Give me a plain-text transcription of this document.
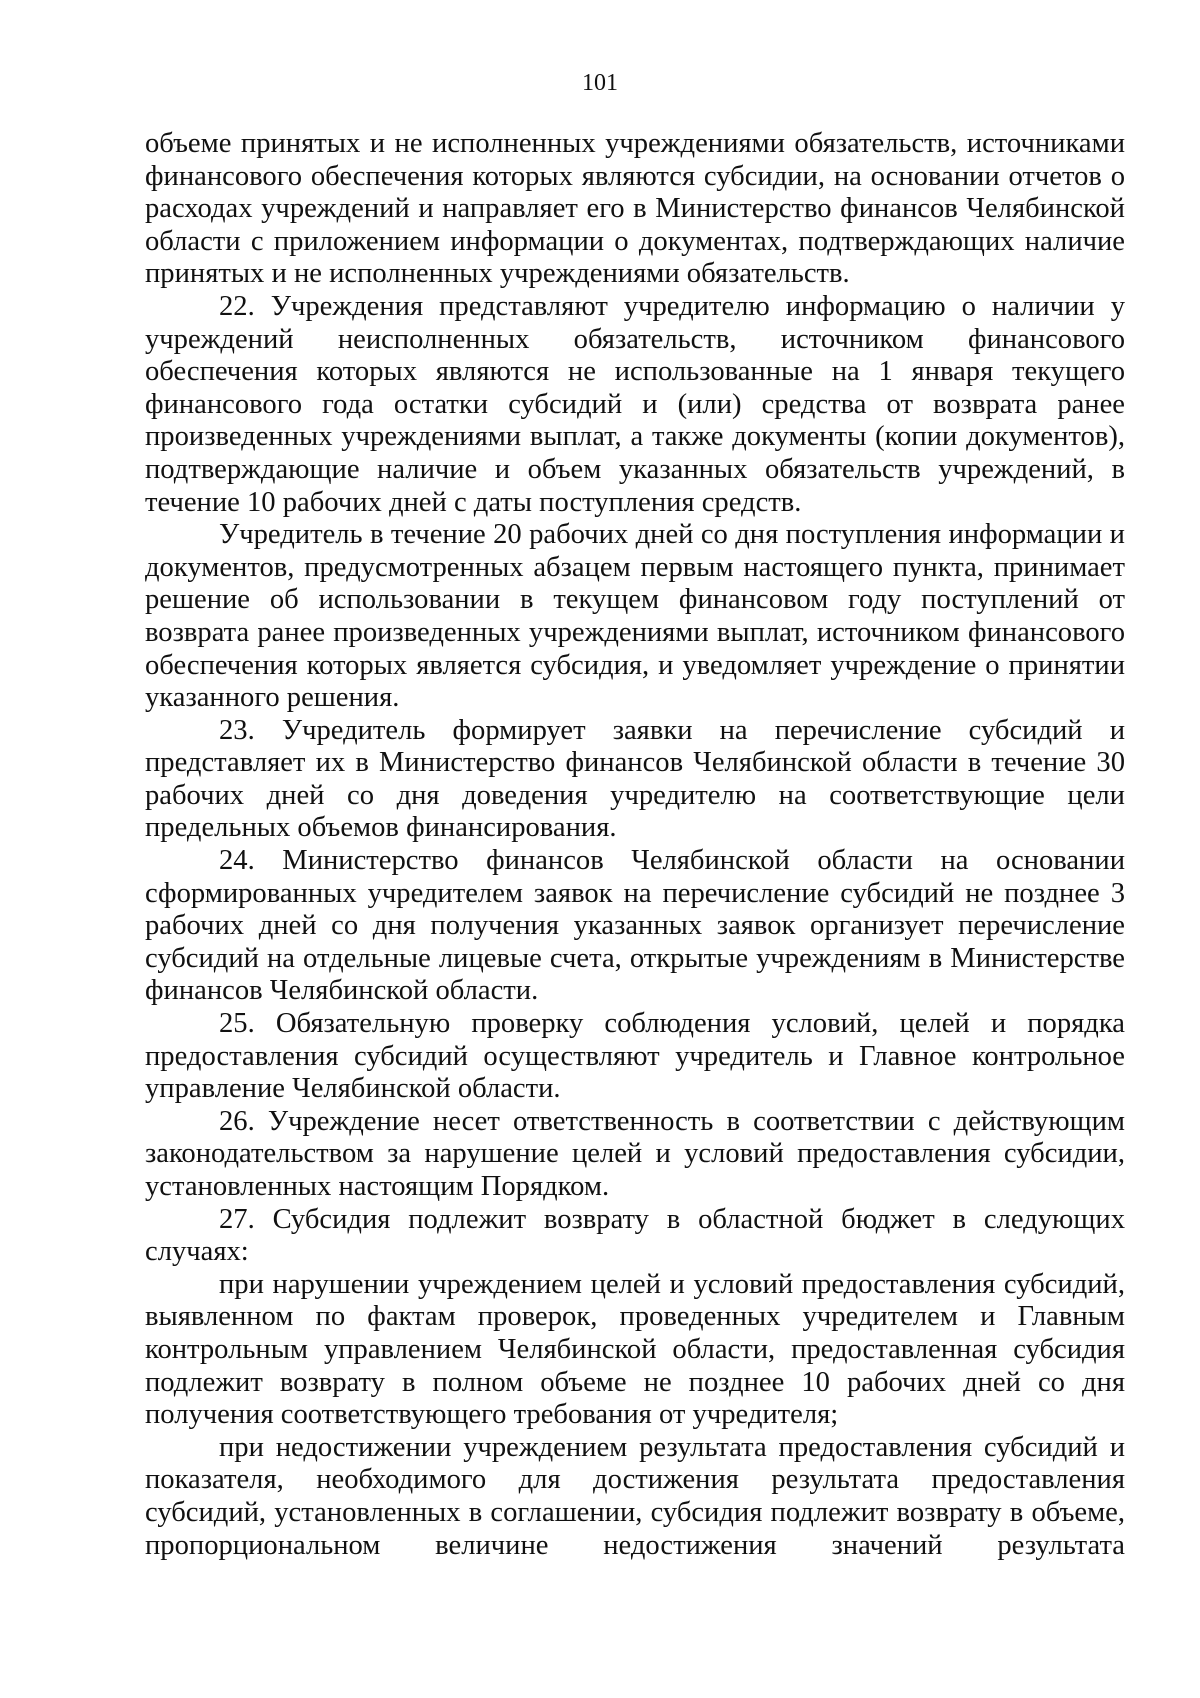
101

объеме принятых и не исполненных учреждениями обязательств, источниками финансового обеспечения которых являются субсидии, на основании отчетов о расходах учреждений и направляет его в Министерство финансов Челябинской области с приложением информации о документах, подтверждающих наличие принятых и не исполненных учреждениями обязательств.

22. Учреждения представляют учредителю информацию о наличии у учреждений неисполненных обязательств, источником финансового обеспечения которых являются не использованные на 1 января текущего финансового года остатки субсидий и (или) средства от возврата ранее произведенных учреждениями выплат, а также документы (копии документов), подтверждающие наличие и объем указанных обязательств учреждений, в течение 10 рабочих дней с даты поступления средств.

Учредитель в течение 20 рабочих дней со дня поступления информации и документов, предусмотренных абзацем первым настоящего пункта, принимает решение об использовании в текущем финансовом году поступлений от возврата ранее произведенных учреждениями выплат, источником финансового обеспечения которых является субсидия, и уведомляет учреждение о принятии указанного решения.

23. Учредитель формирует заявки на перечисление субсидий и представляет их в Министерство финансов Челябинской области в течение 30 рабочих дней со дня доведения учредителю на соответствующие цели предельных объемов финансирования.

24. Министерство финансов Челябинской области на основании сформированных учредителем заявок на перечисление субсидий не позднее 3 рабочих дней со дня получения указанных заявок организует перечисление субсидий на отдельные лицевые счета, открытые учреждениям в Министерстве финансов Челябинской области.

25. Обязательную проверку соблюдения условий, целей и порядка предоставления субсидий осуществляют учредитель и Главное контрольное управление Челябинской области.

26. Учреждение несет ответственность в соответствии с действующим законодательством за нарушение целей и условий предоставления субсидии, установленных настоящим Порядком.

27. Субсидия подлежит возврату в областной бюджет в следующих случаях:

при нарушении учреждением целей и условий предоставления субсидий, выявленном по фактам проверок, проведенных учредителем и Главным контрольным управлением Челябинской области, предоставленная субсидия подлежит возврату в полном объеме не позднее 10 рабочих дней со дня получения соответствующего требования от учредителя;

при недостижении учреждением результата предоставления субсидий и показателя, необходимого для достижения результата предоставления субсидий, установленных в соглашении, субсидия подлежит возврату в объеме, пропорциональном величине недостижения значений результата
